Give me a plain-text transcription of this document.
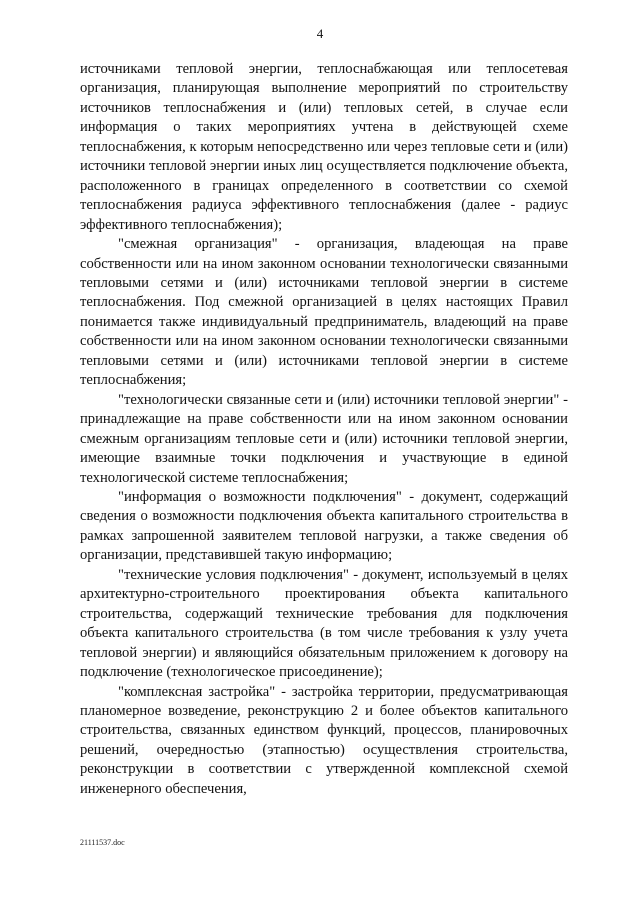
4

источниками тепловой энергии, теплоснабжающая или теплосетевая организация, планирующая выполнение мероприятий по строительству источников теплоснабжения и (или) тепловых сетей, в случае если информация о таких мероприятиях учтена в действующей схеме теплоснабжения, к которым непосредственно или через тепловые сети и (или) источники тепловой энергии иных лиц осуществляется подключение объекта, расположенного в границах определенного в соответствии со схемой теплоснабжения радиуса эффективного теплоснабжения (далее - радиус эффективного теплоснабжения);

"смежная организация" - организация, владеющая на праве собственности или на ином законном основании технологически связанными тепловыми сетями и (или) источниками тепловой энергии в системе теплоснабжения. Под смежной организацией в целях настоящих Правил понимается также индивидуальный предприниматель, владеющий на праве собственности или на ином законном основании технологически связанными тепловыми сетями и (или) источниками тепловой энергии в системе теплоснабжения;

"технологически связанные сети и (или) источники тепловой энергии" - принадлежащие на праве собственности или на ином законном основании смежным организациям тепловые сети и (или) источники тепловой энергии, имеющие взаимные точки подключения и участвующие в единой технологической системе теплоснабжения;

"информация о возможности подключения" - документ, содержащий сведения о возможности подключения объекта капитального строительства в рамках запрошенной заявителем тепловой нагрузки, а также сведения об организации, представившей такую информацию;

"технические условия подключения" - документ, используемый в целях архитектурно-строительного проектирования объекта капитального строительства, содержащий технические требования для подключения объекта капитального строительства (в том числе требования к узлу учета тепловой энергии) и являющийся обязательным приложением к договору на подключение (технологическое присоединение);

"комплексная застройка" - застройка территории, предусматривающая планомерное возведение, реконструкцию 2 и более объектов капитального строительства, связанных единством функций, процессов, планировочных решений, очередностью (этапностью) осуществления строительства, реконструкции в соответствии с утвержденной комплексной схемой инженерного обеспечения,

21111537.doc
